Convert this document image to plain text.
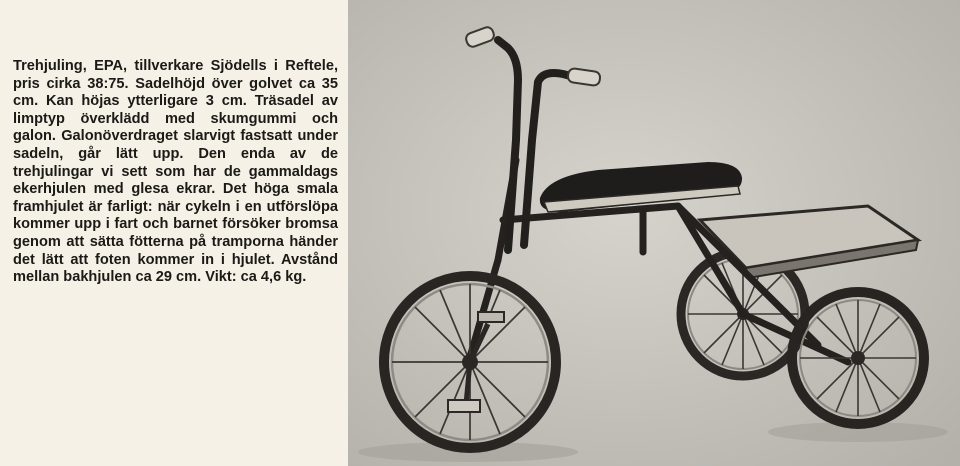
Trehjuling, EPA, tillverkare Sjödells i Reftele, pris cirka 38:75. Sadelhöjd över golvet ca 35 cm. Kan höjas ytterligare 3 cm. Träsadel av limptyp överklädd med skumgummi och galon. Galonöverdraget slarvigt fastsatt under sadeln, går lätt upp. Den enda av de trehjulingar vi sett som har de gammaldags ekerhjulen med glesa ekrar. Det höga smala framhjulet är farligt: när cykeln i en utförslöpa kommer upp i fart och barnet försöker bromsa genom att sätta fötterna på tramporna händer det lätt att foten kommer in i hjulet. Avstånd mellan bakhjulen ca 29 cm. Vikt: ca 4,6 kg.
